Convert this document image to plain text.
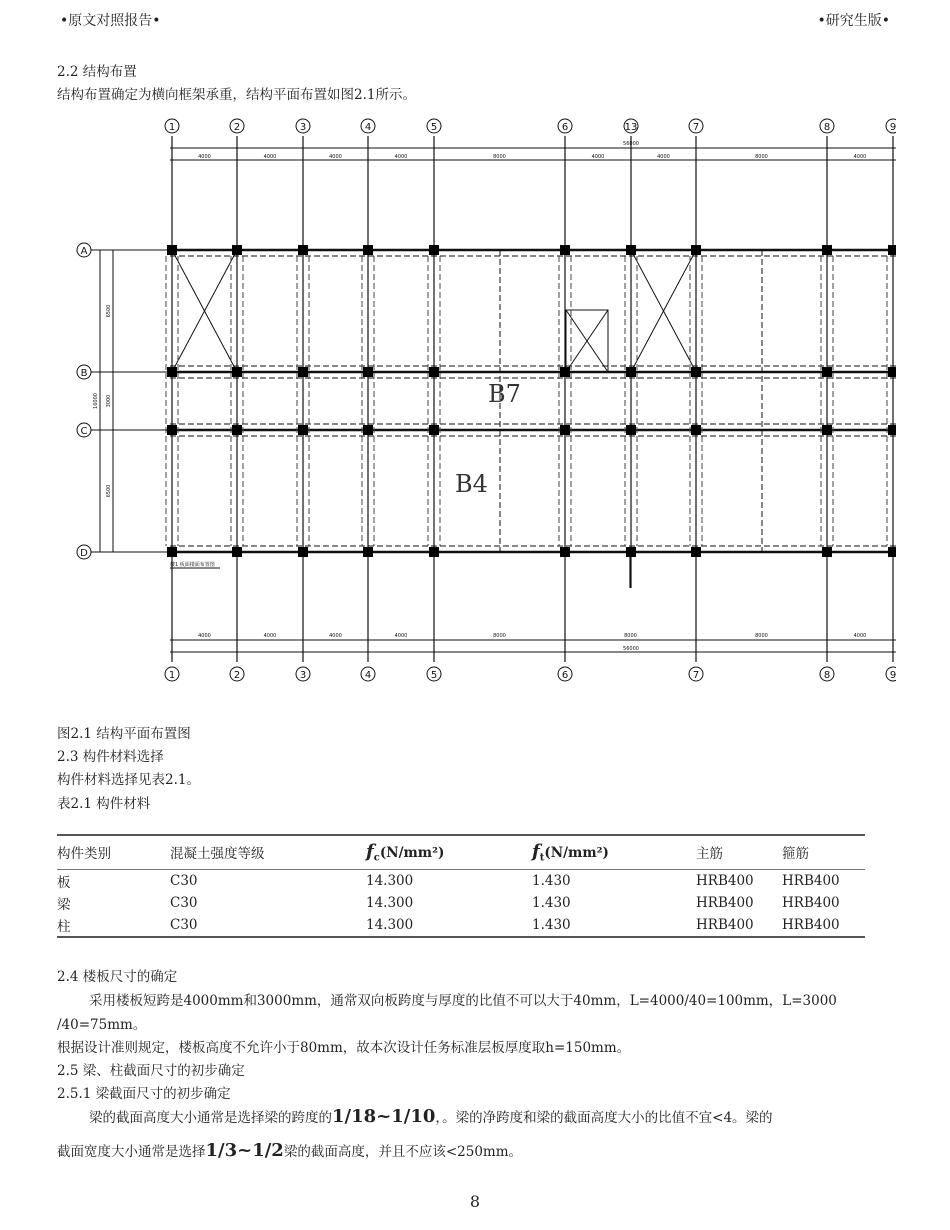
•原文对照报告•	•研究生版•
2.2 结构布置
结构布置确定为横向框架承重，结构平面布置如图2.1所示。
1	2	3	4	5	6	13	7	8	9
1	2	3	4	5	6	7	8	9
A
B
C
D
4000	4000	4000	4000	8000	4000	4000	8000	4000
56000
4000	4000	4000	4000	8000	8000	8000	4000
56000
6500
3000
6500
16000	B7
B4
楼1 板面楼面布置图
图2.1 结构平面布置图
2.3 构件材料选择
构件材料选择见表2.1。
表2.1 构件材料
构件类别	混凝土强度等级	$f_c(N/mm^2)$	$f_t(N/mm^2)$	主筋	箍筋
板	C30	14.300	1.430	HRB400	HRB400
梁	C30	14.300	1.430	HRB400	HRB400
柱	C30	14.300	1.430	HRB400	HRB400
2.4 楼板尺寸的确定
采用楼板短跨是4000mm和3000mm，通常双向板跨度与厚度的比值不可以大于40mm，L=4000/40=100mm，L=3000
/40=75mm。
根据设计准则规定，楼板高度不允许小于80mm，故本次设计任务标准层板厚度取h=150mm。
2.5 梁、柱截面尺寸的初步确定
2.5.1 梁截面尺寸的初步确定
梁的截面高度大小通常是选择梁的跨度的1/18~1/10，。梁的净跨度和梁的截面高度大小的比值不宜<4。梁的
截面宽度大小通常是选择1/3~1/2梁的截面高度，并且不应该<250mm。
8
